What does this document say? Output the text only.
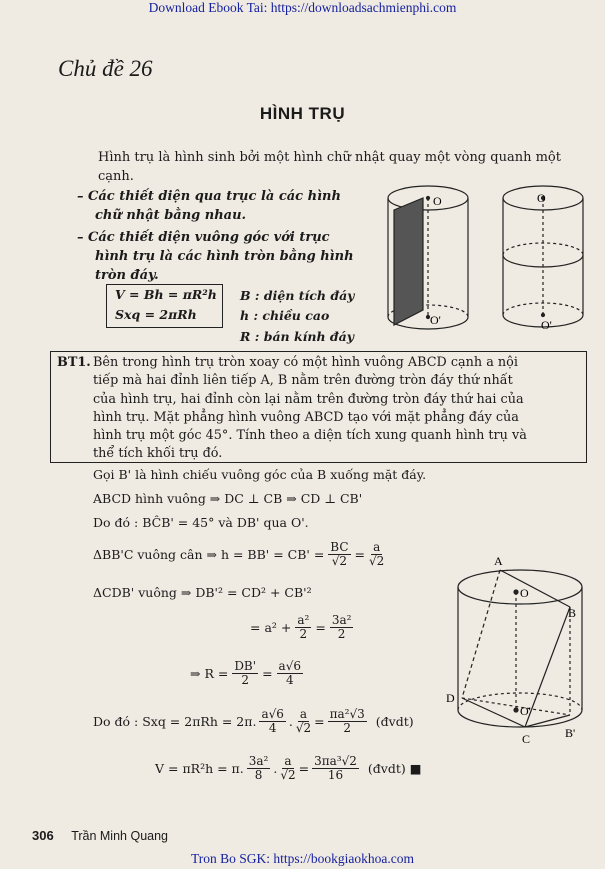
Download Ebook Tai: https://downloadsachmienphi.com
Chủ đề 26
HÌNH TRỤ
Hình trụ là hình sinh bởi một hình chữ nhật quay một vòng quanh một
cạnh.
– Các thiết diện qua trục là các hình
chữ nhật bằng nhau.
– Các thiết diện vuông góc với trục
hình trụ là các hình tròn bằng hình
tròn đáy.
V = Bh = πR²h
Sxq = 2πRh
B : diện tích đáy
h : chiều cao
R : bán kính đáy
O
O'
O
O'
BT1. Bên trong hình trụ tròn xoay có một hình vuông ABCD cạnh a nội
tiếp mà hai đỉnh liên tiếp A, B nằm trên đường tròn đáy thứ nhất
của hình trụ, hai đỉnh còn lại nằm trên đường tròn đáy thứ hai của
hình trụ. Mặt phẳng hình vuông ABCD tạo với mặt phẳng đáy của
hình trụ một góc 45°. Tính theo a diện tích xung quanh hình trụ và
thể tích khối trụ đó.
Gọi B' là hình chiếu vuông góc của B xuống mặt đáy.
ABCD hình vuông ⇒ DC ⊥ CB ⇒ CD ⊥ CB'
Do đó : BĈB' = 45° và DB' qua O'.
ΔBB'C vuông cân ⇒ $h = BB' = CB' = \frac{BC}{√2} = \frac{a}{√2}$
ΔCDB' vuông ⇒ DB'² = CD² + CB'²
= $a^2 + \frac{\text{a²}}{2} = \frac{\text{3a²}}{2}$
⇒ $R = \frac{DB'}{2} = \frac{a√6}{4}$
Do đó : Sxq = 2πRh = 2π. $\frac{a√6}{4}$ . $\frac{a}{√2} = \frac{\text{πa²√3}}{2}$ (đvdt)
V = πR²h = π. $\frac{\text{3a²}}{8}$ . $\frac{a}{√2} = \frac{\text{3πa³√2}}{16}$ (đvdt) ■
A
O
B
D
O'
C	B'
306 Trần Minh Quang
Tron Bo SGK: https://bookgiaokhoa.com
